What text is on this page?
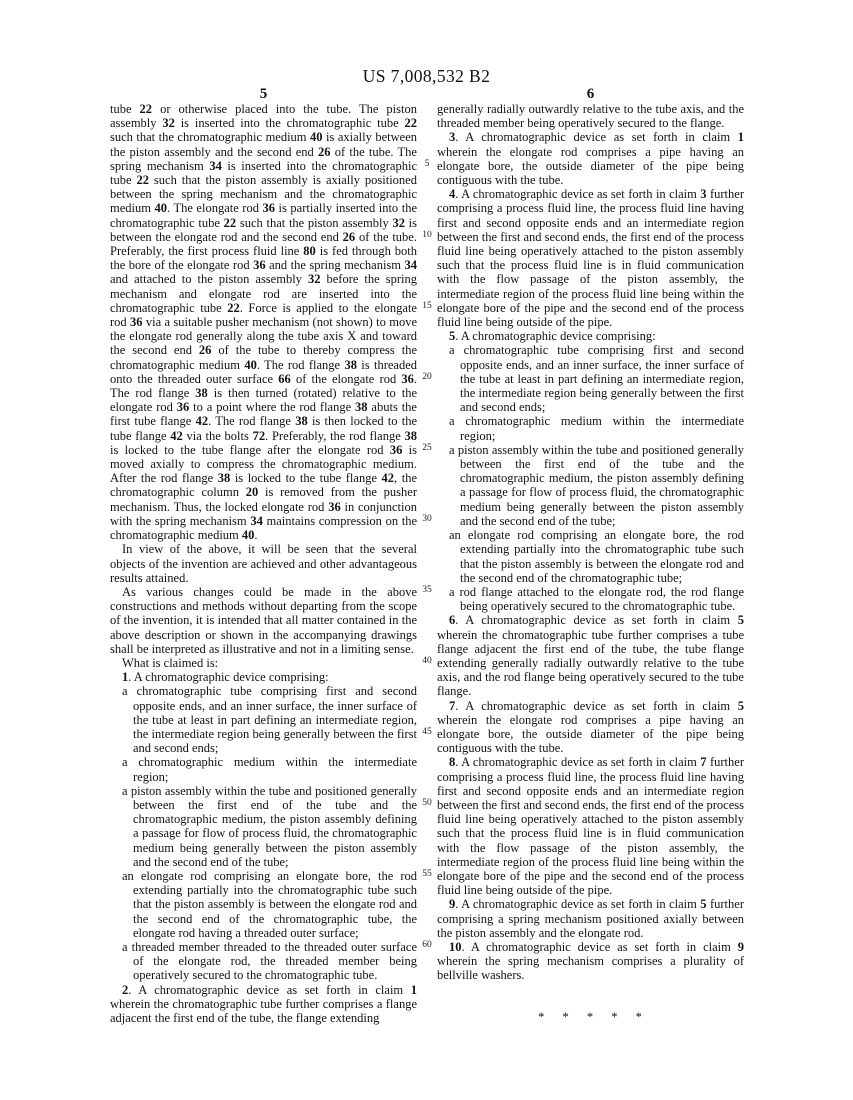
US 7,008,532 B2
5

tube 22 or otherwise placed into the tube. The piston assembly 32 is inserted into the chromatographic tube 22 such that the chromatographic medium 40 is axially between the piston assembly and the second end 26 of the tube. The spring mechanism 34 is inserted into the chromatographic tube 22 such that the piston assembly is axially positioned between the spring mechanism and the chromatographic medium 40. The elongate rod 36 is partially inserted into the chromatographic tube 22 such that the piston assembly 32 is between the elongate rod and the second end 26 of the tube. Preferably, the first process fluid line 80 is fed through both the bore of the elongate rod 36 and the spring mechanism 34 and attached to the piston assembly 32 before the spring mechanism and elongate rod are inserted into the chromatographic tube 22. Force is applied to the elongate rod 36 via a suitable pusher mechanism (not shown) to move the elongate rod generally along the tube axis X and toward the second end 26 of the tube to thereby compress the chromatographic medium 40. The rod flange 38 is threaded onto the threaded outer surface 66 of the elongate rod 36. The rod flange 38 is then turned (rotated) relative to the elongate rod 36 to a point where the rod flange 38 abuts the first tube flange 42. The rod flange 38 is then locked to the tube flange 42 via the bolts 72. Preferably, the rod flange 38 is locked to the tube flange after the elongate rod 36 is moved axially to compress the chromatographic medium. After the rod flange 38 is locked to the tube flange 42, the chromatographic column 20 is removed from the pusher mechanism. Thus, the locked elongate rod 36 in conjunction with the spring mechanism 34 maintains compression on the chromatographic medium 40.

In view of the above, it will be seen that the several objects of the invention are achieved and other advantageous results attained.

As various changes could be made in the above constructions and methods without departing from the scope of the invention, it is intended that all matter contained in the above description or shown in the accompanying drawings shall be interpreted as illustrative and not in a limiting sense.

What is claimed is:

1. A chromatographic device comprising:

a chromatographic tube comprising first and second opposite ends, and an inner surface, the inner surface of the tube at least in part defining an intermediate region, the intermediate region being generally between the first and second ends;

a chromatographic medium within the intermediate region;

a piston assembly within the tube and positioned generally between the first end of the tube and the chromatographic medium, the piston assembly defining a passage for flow of process fluid, the chromatographic medium being generally between the piston assembly and the second end of the tube;

an elongate rod comprising an elongate bore, the rod extending partially into the chromatographic tube such that the piston assembly is between the elongate rod and the second end of the chromatographic tube, the elongate rod having a threaded outer surface;

a threaded member threaded to the threaded outer surface of the elongate rod, the threaded member being operatively secured to the chromatographic tube.

2. A chromatographic device as set forth in claim 1 wherein the chromatographic tube further comprises a flange adjacent the first end of the tube, the flange extending

6

generally radially outwardly relative to the tube axis, and the threaded member being operatively secured to the flange.

3. A chromatographic device as set forth in claim 1 wherein the elongate rod comprises a pipe having an elongate bore, the outside diameter of the pipe being contiguous with the tube.

4. A chromatographic device as set forth in claim 3 further comprising a process fluid line, the process fluid line having first and second opposite ends and an intermediate region between the first and second ends, the first end of the process fluid line being operatively attached to the piston assembly such that the process fluid line is in fluid communication with the flow passage of the piston assembly, the intermediate region of the process fluid line being within the elongate bore of the pipe and the second end of the process fluid line being outside of the pipe.

5. A chromatographic device comprising:

a chromatographic tube comprising first and second opposite ends, and an inner surface, the inner surface of the tube at least in part defining an intermediate region, the intermediate region being generally between the first and second ends;

a chromatographic medium within the intermediate region;

a piston assembly within the tube and positioned generally between the first end of the tube and the chromatographic medium, the piston assembly defining a passage for flow of process fluid, the chromatographic medium being generally between the piston assembly and the second end of the tube;

an elongate rod comprising an elongate bore, the rod extending partially into the chromatographic tube such that the piston assembly is between the elongate rod and the second end of the chromatographic tube;

a rod flange attached to the elongate rod, the rod flange being operatively secured to the chromatographic tube.

6. A chromatographic device as set forth in claim 5 wherein the chromatographic tube further comprises a tube flange adjacent the first end of the tube, the tube flange extending generally radially outwardly relative to the tube axis, and the rod flange being operatively secured to the tube flange.

7. A chromatographic device as set forth in claim 5 wherein the elongate rod comprises a pipe having an elongate bore, the outside diameter of the pipe being contiguous with the tube.

8. A chromatographic device as set forth in claim 7 further comprising a process fluid line, the process fluid line having first and second opposite ends and an intermediate region between the first and second ends, the first end of the process fluid line being operatively attached to the piston assembly such that the process fluid line is in fluid communication with the flow passage of the piston assembly, the intermediate region of the process fluid line being within the elongate bore of the pipe and the second end of the process fluid line being outside of the pipe.

9. A chromatographic device as set forth in claim 5 further comprising a spring mechanism positioned axially between the piston assembly and the elongate rod.

10. A chromatographic device as set forth in claim 9 wherein the spring mechanism comprises a plurality of bellville washers.

* * * * *
5
10
15
20
25
30
35
40
45
50
55
60
